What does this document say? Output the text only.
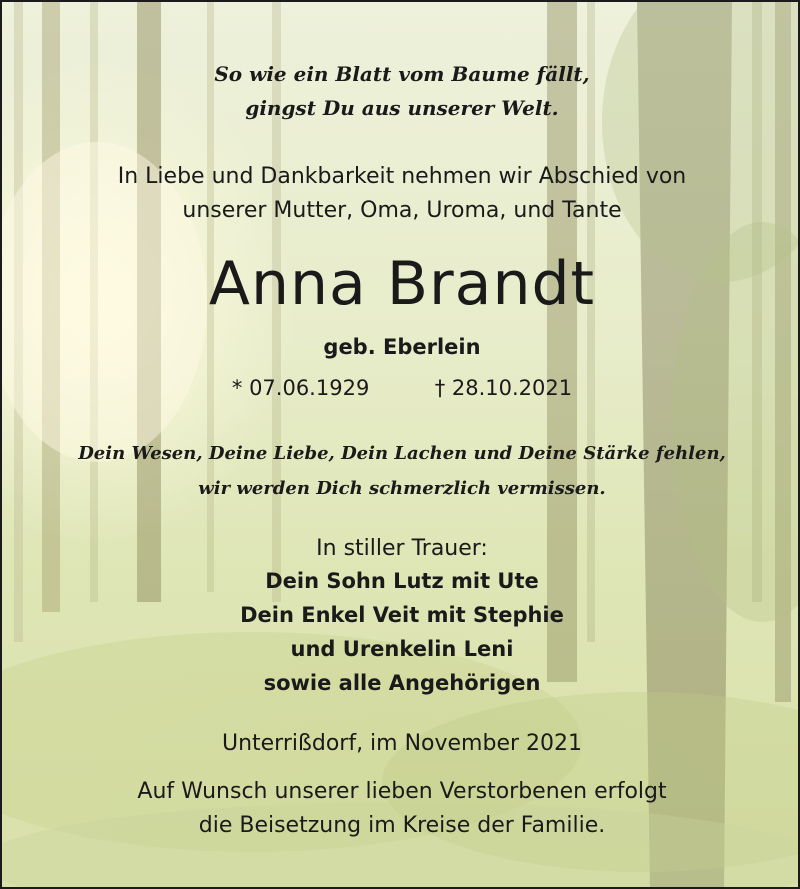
So wie ein Blatt vom Baume fällt,
gingst Du aus unserer Welt.
In Liebe und Dankbarkeit nehmen wir Abschied von
unserer Mutter, Oma, Uroma, und Tante
Anna Brandt
geb. Eberlein
* 07.06.1929	† 28.10.2021
Dein Wesen, Deine Liebe, Dein Lachen und Deine Stärke fehlen,
wir werden Dich schmerzlich vermissen.
In stiller Trauer:
Dein Sohn Lutz mit Ute
Dein Enkel Veit mit Stephie
und Urenkelin Leni
sowie alle Angehörigen
Unterrißdorf, im November 2021
Auf Wunsch unserer lieben Verstorbenen erfolgt
die Beisetzung im Kreise der Familie.
